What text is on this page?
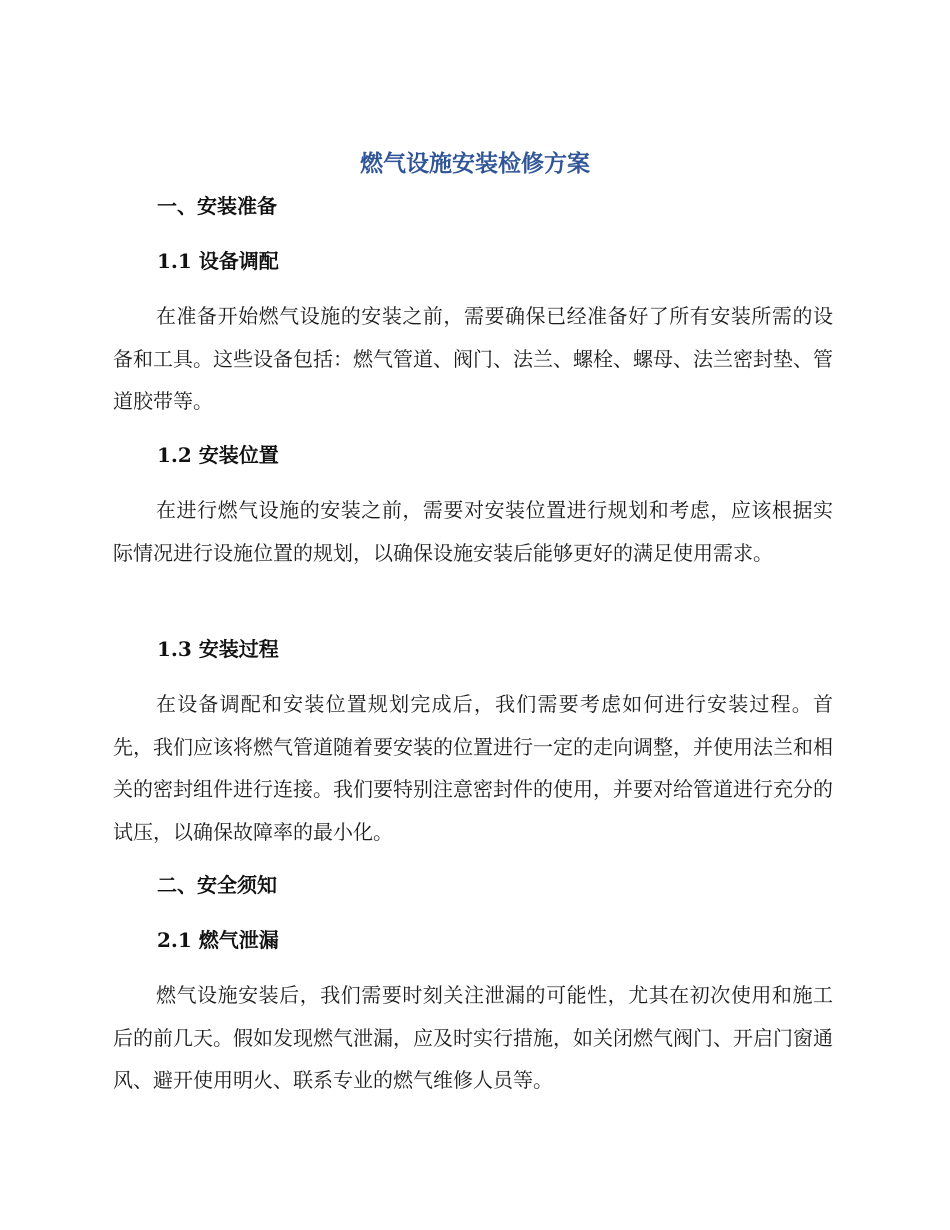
燃气设施安装检修方案
一、安装准备
1.1 设备调配

在准备开始燃气设施的安装之前，需要确保已经准备好了所有安装所需的设备和工具。这些设备包括：燃气管道、阀门、法兰、螺栓、螺母、法兰密封垫、管道胶带等。

1.2 安装位置

在进行燃气设施的安装之前，需要对安装位置进行规划和考虑，应该根据实际情况进行设施位置的规划，以确保设施安装后能够更好的满足使用需求。

1.3 安装过程

在设备调配和安装位置规划完成后，我们需要考虑如何进行安装过程。首先，我们应该将燃气管道随着要安装的位置进行一定的走向调整，并使用法兰和相关的密封组件进行连接。我们要特别注意密封件的使用，并要对给管道进行充分的试压，以确保故障率的最小化。

二、安全须知
2.1 燃气泄漏

燃气设施安装后，我们需要时刻关注泄漏的可能性，尤其在初次使用和施工后的前几天。假如发现燃气泄漏，应及时实行措施，如关闭燃气阀门、开启门窗通风、避开使用明火、联系专业的燃气维修人员等。
